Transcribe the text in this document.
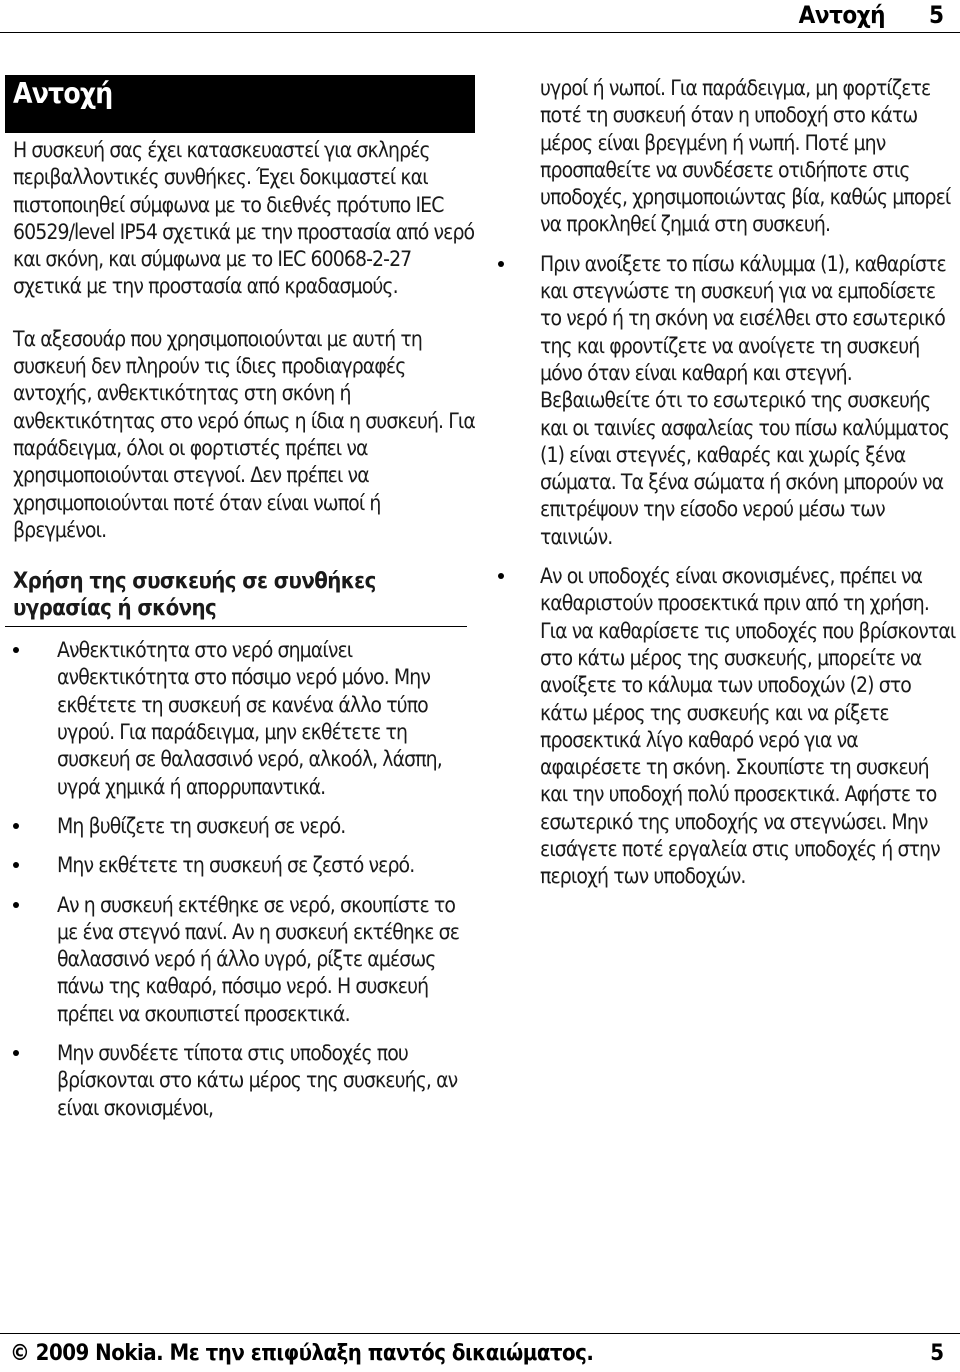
Αντοχή 5
Αντοχή

Η συσκευή σας έχει κατασκευαστεί για σκληρές περιβαλλοντικές συνθήκες. Έχει δοκιμαστεί και πιστοποιηθεί σύμφωνα με το διεθνές πρότυπο IEC 60529/level IP54 σχετικά με την προστασία από νερό και σκόνη, και σύμφωνα με το IEC 60068-2-27 σχετικά με την προστασία από κραδασμούς.

Τα αξεσουάρ που χρησιμοποιούνται με αυτή τη συσκευή δεν πληρούν τις ίδιες προδιαγραφές αντοχής, ανθεκτικότητας στη σκόνη ή ανθεκτικότητας στο νερό όπως η ίδια η συσκευή. Για παράδειγμα, όλοι οι φορτιστές πρέπει να χρησιμοποιούνται στεγνοί. Δεν πρέπει να χρησιμοποιούνται ποτέ όταν είναι νωποί ή βρεγμένοι.

Χρήση της συσκευής σε συνθήκες υγρασίας ή σκόνης
Ανθεκτικότητα στο νερό σημαίνει ανθεκτικότητα στο πόσιμο νερό μόνο. Μην εκθέτετε τη συσκευή σε κανένα άλλο τύπο υγρού. Για παράδειγμα, μην εκθέτετε τη συσκευή σε θαλασσινό νερό, αλκοόλ, λάσπη, υγρά χημικά ή απορρυπαντικά.
Μη βυθίζετε τη συσκευή σε νερό.
Μην εκθέτετε τη συσκευή σε ζεστό νερό.
Αν η συσκευή εκτέθηκε σε νερό, σκουπίστε το με ένα στεγνό πανί. Αν η συσκευή εκτέθηκε σε θαλασσινό νερό ή άλλο υγρό, ρίξτε αμέσως πάνω της καθαρό, πόσιμο νερό. Η συσκευή πρέπει να σκουπιστεί προσεκτικά.
Μην συνδέετε τίποτα στις υποδοχές που βρίσκονται στο κάτω μέρος της συσκευής, αν είναι σκονισμένοι,

υγροί ή νωποί. Για παράδειγμα, μη φορτίζετε ποτέ τη συσκευή όταν η υποδοχή στο κάτω μέρος είναι βρεγμένη ή νωπή. Ποτέ μην προσπαθείτε να συνδέσετε οτιδήποτε στις υποδοχές, χρησιμοποιώντας βία, καθώς μπορεί να προκληθεί ζημιά στη συσκευή.

Πριν ανοίξετε το πίσω κάλυμμα (1), καθαρίστε και στεγνώστε τη συσκευή για να εμποδίσετε το νερό ή τη σκόνη να εισέλθει στο εσωτερικό της και φροντίζετε να ανοίγετε τη συσκευή μόνο όταν είναι καθαρή και στεγνή. Βεβαιωθείτε ότι το εσωτερικό της συσκευής και οι ταινίες ασφαλείας του πίσω καλύμματος (1) είναι στεγνές, καθαρές και χωρίς ξένα σώματα. Τα ξένα σώματα ή σκόνη μπορούν να επιτρέψουν την είσοδο νερού μέσω των ταινιών.
Αν οι υποδοχές είναι σκονισμένες, πρέπει να καθαριστούν προσεκτικά πριν από τη χρήση. Για να καθαρίσετε τις υποδοχές που βρίσκονται στο κάτω μέρος της συσκευής, μπορείτε να ανοίξετε το κάλυμα των υποδοχών (2) στο κάτω μέρος της συσκευής και να ρίξετε προσεκτικά λίγο καθαρό νερό για να αφαιρέσετε τη σκόνη. Σκουπίστε τη συσκευή και την υποδοχή πολύ προσεκτικά. Αφήστε το εσωτερικό της υποδοχής να στεγνώσει. Μην εισάγετε ποτέ εργαλεία στις υποδοχές ή στην περιοχή των υποδοχών.
© 2009 Nokia. Με την επιφύλαξη παντός δικαιώματος.	5
